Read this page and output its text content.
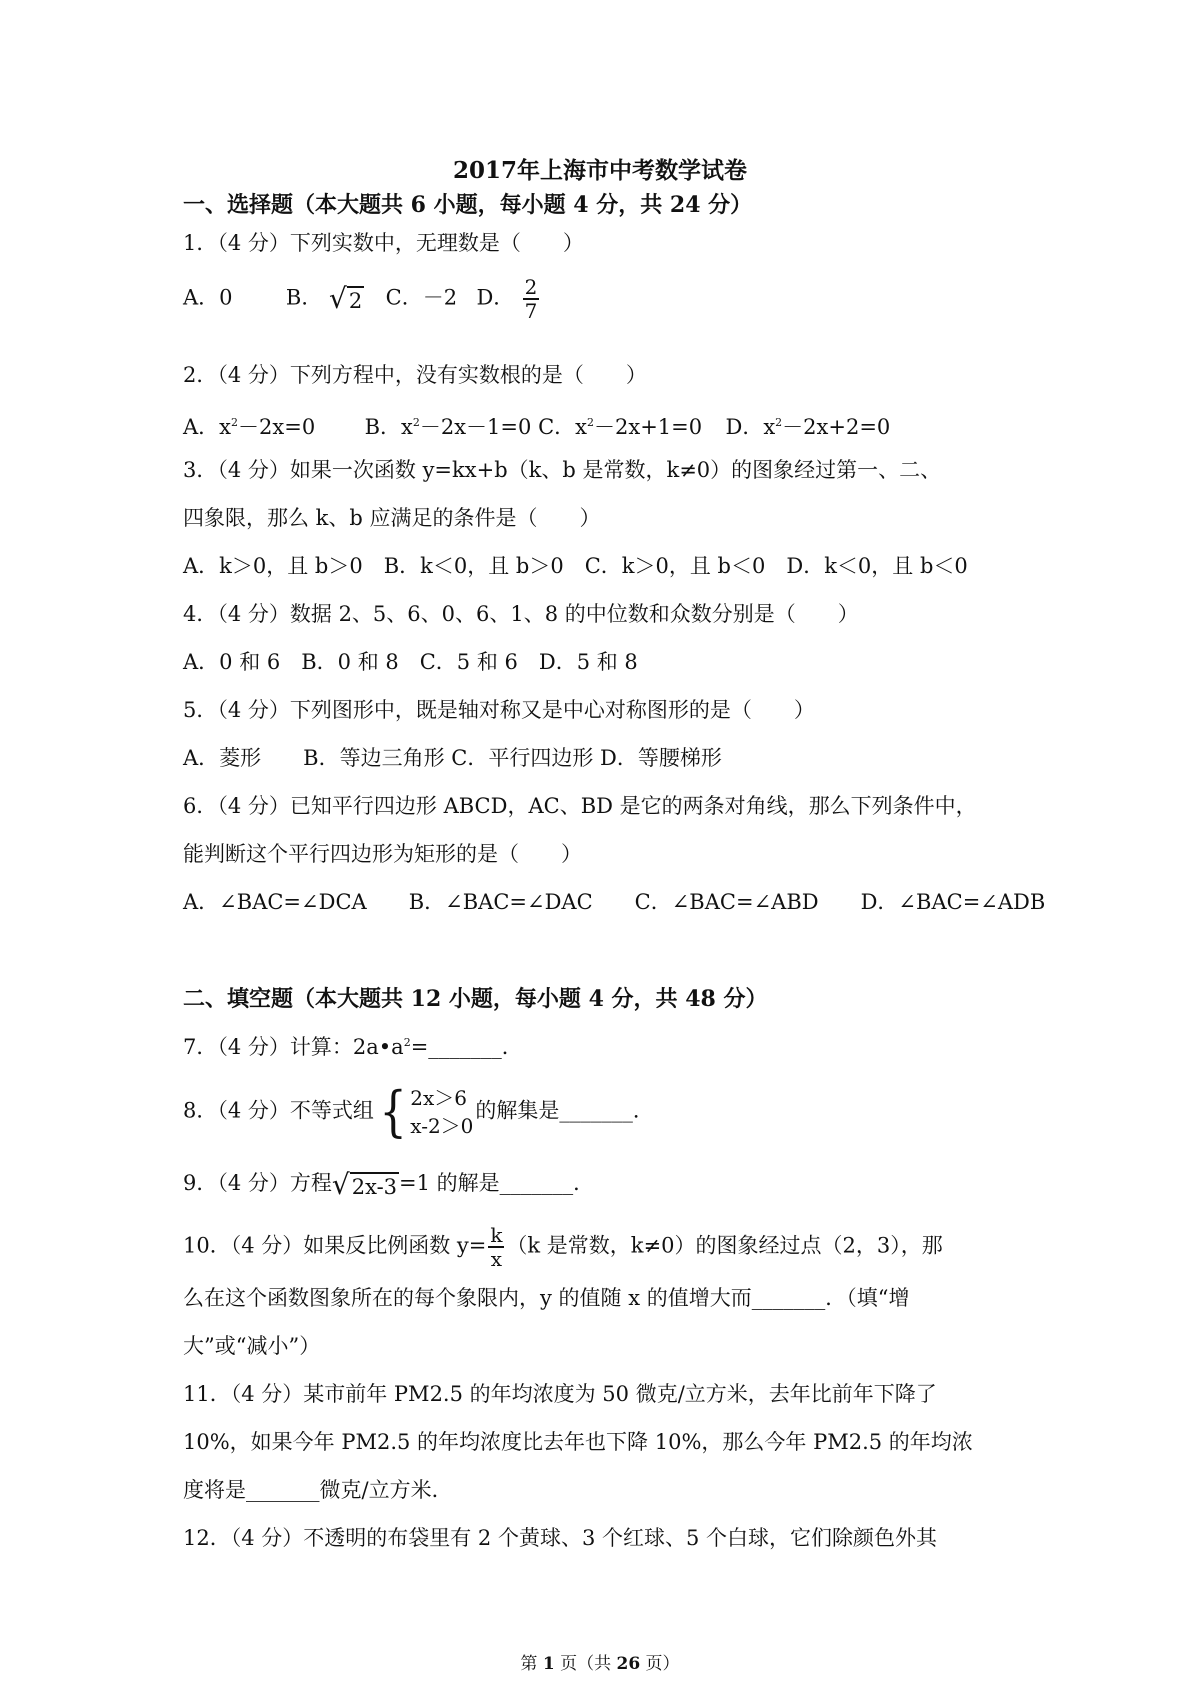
2017年上海市中考数学试卷
一、选择题（本大题共 6 小题，每小题 4 分，共 24 分）
1．（4 分）下列实数中，无理数是（　　）
A．0	B． √ 2 C．－2 D． $\frac{2}{7}$
2．（4 分）下列方程中，没有实数根的是（　　）
A．$x^2-2x=0$ B．$x^2-2x-1=0$ C．$x^2-2x+1=0$ D．$x^2-2x+2=0$
3．（4 分）如果一次函数 y=kx+b（k、b 是常数，k≠0）的图象经过第一、二、
四象限，那么 k、b 应满足的条件是（　　）
A．k＞0，且 b＞0　B．k＜0，且 b＞0　C．k＞0，且 b＜0　D．k＜0，且 b＜0
4．（4 分）数据 2、5、6、0、6、1、8 的中位数和众数分别是（　　）
A．0 和 6　B．0 和 8　C．5 和 6　D．5 和 8
5．（4 分）下列图形中，既是轴对称又是中心对称图形的是（　　）
A．菱形　　B．等边三角形 C．平行四边形 D．等腰梯形
6．（4 分）已知平行四边形 ABCD，AC、BD 是它的两条对角线，那么下列条件中，
能判断这个平行四边形为矩形的是（　　）
A．∠BAC=∠DCA　　B．∠BAC=∠DAC　　C．∠BAC=∠ABD　　D．∠BAC=∠ADB
二、填空题（本大题共 12 小题，每小题 4 分，共 48 分）
7．（4 分）计算：$2a•a^2=\_\_\_\_\_\_\_$．
8．（4 分）不等式组 { 2x＞6
x-2＞0
的解集是_______．
9．（4 分）方程 √ 2x-3 =1 的解是_______．
10．（4 分）如果反比例函数 $y= \frac{k}{x} (k$ 是常数，k≠0）的图象经过点（2，3），那
么在这个函数图象所在的每个象限内，y 的值随 x 的值增大而_______．（填“增
大”或“减小”）
11．（4 分）某市前年 PM2.5 的年均浓度为 50 微克/立方米，去年比前年下降了
10%，如果今年 PM2.5 的年均浓度比去年也下降 10%，那么今年 PM2.5 的年均浓
度将是_______微克/立方米．
12．（4 分）不透明的布袋里有 2 个黄球、3 个红球、5 个白球，它们除颜色外其
第 1 页（共 26 页）
